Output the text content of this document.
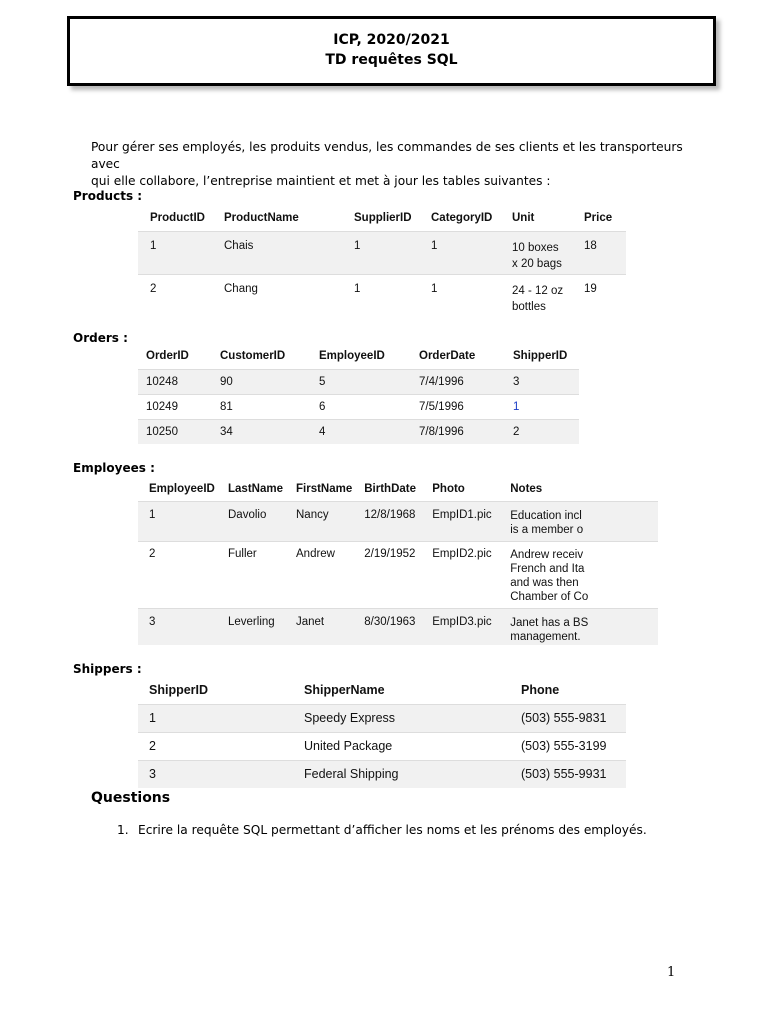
ICP, 2020/2021
TD requêtes SQL
Pour gérer ses employés, les produits vendus, les commandes de ses clients et les transporteurs avec
qui elle collabore, l’entreprise maintient et met à jour les tables suivantes :
Products :
ProductID	ProductName	SupplierID	CategoryID	Unit	Price
1	Chais	1	1	10 boxes
x 20 bags	18
2	Chang	1	1	24 - 12 oz
bottles	19
Orders :
OrderID	CustomerID	EmployeeID	OrderDate	ShipperID
10248	90	5	7/4/1996	3
10249	81	6	7/5/1996	1
10250	34	4	7/8/1996	2
Employees :
EmployeeID	LastName	FirstName	BirthDate	Photo	Notes
1	Davolio	Nancy	12/8/1968	EmpID1.pic	Education incl
is a member o

2	Fuller	Andrew	2/19/1952	EmpID2.pic	Andrew receiv
French and Ita
and was then
Chamber of Co

3	Leverling	Janet	8/30/1963	EmpID3.pic	Janet has a BS
management.
Shippers :
ShipperID	ShipperName	Phone
1	Speedy Express	(503) 555-9831
2	United Package	(503) 555-3199
3	Federal Shipping	(503) 555-9931
Questions
1. Ecrire la requête SQL permettant d’afficher les noms et les prénoms des employés.
1
